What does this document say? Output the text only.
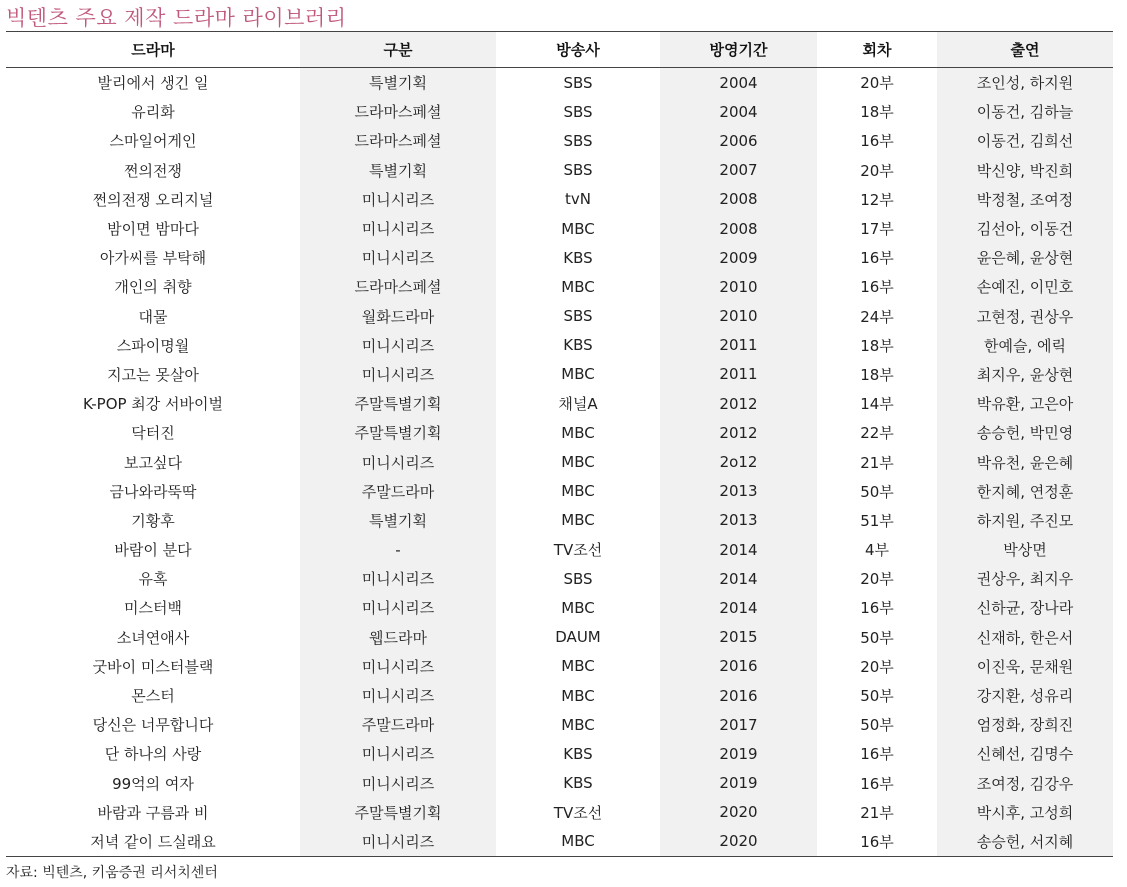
빅텐츠 주요 제작 드라마 라이브러리
드라마	구분	방송사	방영기간	회차	출연
발리에서 생긴 일	특별기획	SBS	2004	20부	조인성, 하지원
유리화	드라마스페셜	SBS	2004	18부	이동건, 김하늘
스마일어게인	드라마스페셜	SBS	2006	16부	이동건, 김희선
쩐의전쟁	특별기획	SBS	2007	20부	박신양, 박진희
쩐의전쟁 오리지널	미니시리즈	tvN	2008	12부	박정철, 조여정
밤이면 밤마다	미니시리즈	MBC	2008	17부	김선아, 이동건
아가씨를 부탁해	미니시리즈	KBS	2009	16부	윤은혜, 윤상현
개인의 취향	드라마스페셜	MBC	2010	16부	손예진, 이민호
대물	월화드라마	SBS	2010	24부	고현정, 권상우
스파이명월	미니시리즈	KBS	2011	18부	한예슬, 에릭
지고는 못살아	미니시리즈	MBC	2011	18부	최지우, 윤상현
K-POP 최강 서바이벌	주말특별기획	채널A	2012	14부	박유환, 고은아
닥터진	주말특별기획	MBC	2012	22부	송승헌, 박민영
보고싶다	미니시리즈	MBC	2o12	21부	박유천, 윤은혜
금나와라뚝딱	주말드라마	MBC	2013	50부	한지혜, 연정훈
기황후	특별기획	MBC	2013	51부	하지원, 주진모
바람이 분다	-	TV조선	2014	4부	박상면
유혹	미니시리즈	SBS	2014	20부	권상우, 최지우
미스터백	미니시리즈	MBC	2014	16부	신하균, 장나라
소녀연애사	웹드라마	DAUM	2015	50부	신재하, 한은서
굿바이 미스터블랙	미니시리즈	MBC	2016	20부	이진욱, 문채원
몬스터	미니시리즈	MBC	2016	50부	강지환, 성유리
당신은 너무합니다	주말드라마	MBC	2017	50부	엄정화, 장희진
단 하나의 사랑	미니시리즈	KBS	2019	16부	신혜선, 김명수
99억의 여자	미니시리즈	KBS	2019	16부	조여정, 김강우
바람과 구름과 비	주말특별기획	TV조선	2020	21부	박시후, 고성희
저녁 같이 드실래요	미니시리즈	MBC	2020	16부	송승헌, 서지혜
자료: 빅텐츠, 키움증권 리서치센터
